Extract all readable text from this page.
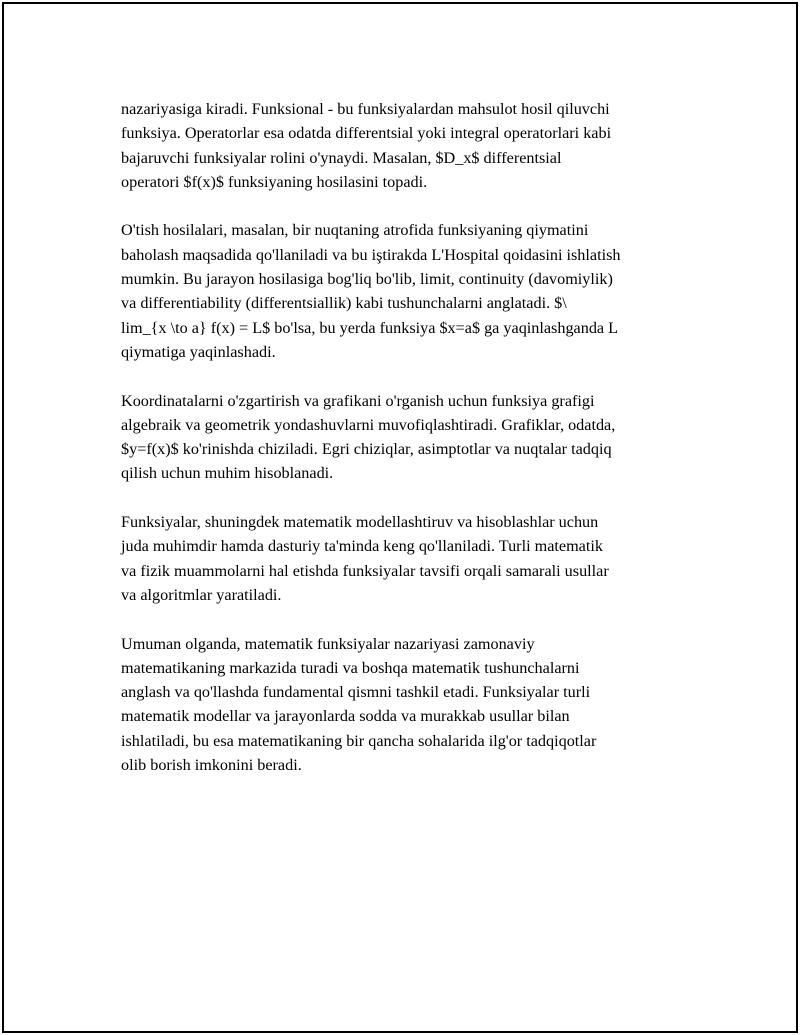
nazariyasiga kiradi. Funksional - bu funksiyalardan mahsulot hosil qiluvchi
funksiya. Operatorlar esa odatda differentsial yoki integral operatorlari kabi
bajaruvchi funksiyalar rolini o'ynaydi. Masalan, $D_x$ differentsial
operatori $f(x)$ funksiyaning hosilasini topadi.

O'tish hosilalari, masalan, bir nuqtaning atrofida funksiyaning qiymatini
baholash maqsadida qo'llaniladi va bu iştirakda L'Hospital qoidasini ishlatish
mumkin. Bu jarayon hosilasiga bog'liq bo'lib, limit, continuity (davomiylik)
va differentiability (differentsiallik) kabi tushunchalarni anglatadi. $\
lim_{x \to a} f(x) = L$ bo'lsa, bu yerda funksiya $x=a$ ga yaqinlashganda L
qiymatiga yaqinlashadi.

Koordinatalarni o'zgartirish va grafikani o'rganish uchun funksiya grafigi
algebraik va geometrik yondashuvlarni muvofiqlashtiradi. Grafiklar, odatda,
$y=f(x)$ ko'rinishda chiziladi. Egri chiziqlar, asimptotlar va nuqtalar tadqiq
qilish uchun muhim hisoblanadi.

Funksiyalar, shuningdek matematik modellashtiruv va hisoblashlar uchun
juda muhimdir hamda dasturiy ta'minda keng qo'llaniladi. Turli matematik
va fizik muammolarni hal etishda funksiyalar tavsifi orqali samarali usullar
va algoritmlar yaratiladi.

Umuman olganda, matematik funksiyalar nazariyasi zamonaviy
matematikaning markazida turadi va boshqa matematik tushunchalarni
anglash va qo'llashda fundamental qismni tashkil etadi. Funksiyalar turli
matematik modellar va jarayonlarda sodda va murakkab usullar bilan
ishlatiladi, bu esa matematikaning bir qancha sohalarida ilg'or tadqiqotlar
olib borish imkonini beradi.
